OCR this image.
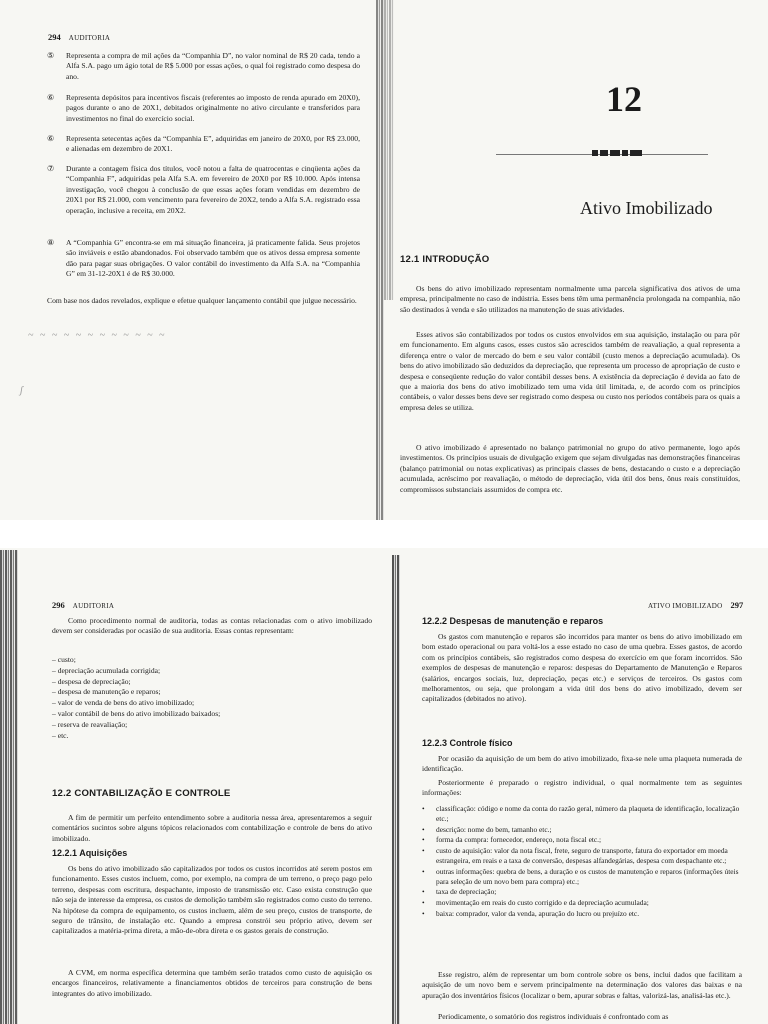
294 AUDITORIA
⑤	Representa a compra de mil ações da “Companhia D”, no valor nominal de R$ 20 cada, tendo a Alfa S.A. pago um ágio total de R$ 5.000 por essas ações, o qual foi registrado como despesa do ano.
⑥	Representa depósitos para incentivos fiscais (referentes ao imposto de renda apurado em 20X0), pagos durante o ano de 20X1, debitados originalmente no ativo circulante e transferidos para investimentos no final do exercício social.
⑥	Representa setecentas ações da “Companhia E”, adquiridas em janeiro de 20X0, por R$ 23.000, e alienadas em dezembro de 20X1.
⑦	Durante a contagem física dos títulos, você notou a falta de quatrocentas e cinqüenta ações da “Companhia F”, adquiridas pela Alfa S.A. em fevereiro de 20X0 por R$ 10.000. Após intensa investigação, você chegou à conclusão de que essas ações foram vendidas em dezembro de 20X1 por R$ 21.000, com vencimento para fevereiro de 20X2, tendo a Alfa S.A. registrado essa operação, inclusive a receita, em 20X2.
⑧	A “Companhia G” encontra-se em má situação financeira, já praticamente falida. Seus projetos são inviáveis e estão abandonados. Foi observado também que os ativos dessa empresa somente dão para pagar suas obrigações. O valor contábil do investimento da Alfa S.A. na “Companhia G” em 31-12-20X1 é de R$ 30.000.
Com base nos dados revelados, explique e efetue qualquer lançamento contábil que julgue necessário.
~ ~ ~ ~ ~ ~ ~ ~ ~ ~ ~ ~
ʃ
12
Ativo Imobilizado
12.1 INTRODUÇÃO
Os bens do ativo imobilizado representam normalmente uma parcela significativa dos ativos de uma empresa, principalmente no caso de indústria. Esses bens têm uma permanência prolongada na companhia, não são destinados à venda e são utilizados na manutenção de suas atividades.
Esses ativos são contabilizados por todos os custos envolvidos em sua aquisição, instalação ou para pôr em funcionamento. Em alguns casos, esses custos são acrescidos também de reavaliação, a qual representa a diferença entre o valor de mercado do bem e seu valor contábil (custo menos a depreciação acumulada). Os bens do ativo imobilizado são deduzidos da depreciação, que representa um processo de apropriação de custo e despesa e conseqüente redução do valor contábil desses bens. A existência da depreciação é devida ao fato de que a maioria dos bens do ativo imobilizado tem uma vida útil limitada, e, de acordo com os princípios contábeis, o valor desses bens deve ser registrado como despesa ou custo nos períodos contábeis para os quais a empresa deles se utiliza.
O ativo imobilizado é apresentado no balanço patrimonial no grupo do ativo permanente, logo após investimentos. Os princípios usuais de divulgação exigem que sejam divulgadas nas demonstrações financeiras (balanço patrimonial ou notas explicativas) as principais classes de bens, destacando o custo e a depreciação acumulada, acréscimo por reavaliação, o método de depreciação, vida útil dos bens, ônus reais constituídos, compromissos substanciais assumidos de compra etc.
296 AUDITORIA
Como procedimento normal de auditoria, todas as contas relacionadas com o ativo imobilizado devem ser consideradas por ocasião de sua auditoria. Essas contas representam:
– custo;
– depreciação acumulada corrigida;
– despesa de depreciação;
– despesa de manutenção e reparos;
– valor de venda de bens do ativo imobilizado;
– valor contábil de bens do ativo imobilizado baixados;
– reserva de reavaliação;
– etc.
12.2 CONTABILIZAÇÃO E CONTROLE
A fim de permitir um perfeito entendimento sobre a auditoria nessa área, apresentaremos a seguir comentários sucintos sobre alguns tópicos relacionados com contabilização e controle de bens do ativo imobilizado.
12.2.1 Aquisições
Os bens do ativo imobilizado são capitalizados por todos os custos incorridos até serem postos em funcionamento. Esses custos incluem, como, por exemplo, na compra de um terreno, o preço pago pelo terreno, despesas com escritura, despachante, imposto de transmissão etc. Caso exista construção que não seja de interesse da empresa, os custos de demolição também são registrados como custo do terreno. Na hipótese da compra de equipamento, os custos incluem, além de seu preço, custos de transporte, de seguro de trânsito, de instalação etc. Quando a empresa constrói seu próprio ativo, devem ser capitalizados a matéria-prima direta, a mão-de-obra direta e os gastos gerais de construção.
A CVM, em norma específica determina que também serão tratados como custo de aquisição os encargos financeiros, relativamente a financiamentos obtidos de terceiros para construção de bens integrantes do ativo imobilizado.
ATIVO IMOBILIZADO 297
12.2.2 Despesas de manutenção e reparos
Os gastos com manutenção e reparos são incorridos para manter os bens do ativo imobilizado em bom estado operacional ou para voltá-los a esse estado no caso de uma quebra. Esses gastos, de acordo com os princípios contábeis, são registrados como despesa do exercício em que foram incorridos. São exemplos de despesas de manutenção e reparos: despesas do Departamento de Manutenção e Reparos (salários, encargos sociais, luz, depreciação, peças etc.) e serviços de terceiros. Os gastos com melhoramentos, ou seja, que prolongam a vida útil dos bens do ativo imobilizado, devem ser capitalizados (debitados no ativo).
12.2.3 Controle físico
Por ocasião da aquisição de um bem do ativo imobilizado, fixa-se nele uma plaqueta numerada de identificação.
Posteriormente é preparado o registro individual, o qual normalmente tem as seguintes informações:
•	classificação: código e nome da conta do razão geral, número da plaqueta de identificação, localização etc.;
•	descrição: nome do bem, tamanho etc.;
•	forma da compra: fornecedor, endereço, nota fiscal etc.;
•	custo de aquisição: valor da nota fiscal, frete, seguro de transporte, fatura do exportador em moeda estrangeira, em reais e a taxa de conversão, despesas alfandegárias, despesa com despachante etc.;
•	outras informações: quebra de bens, a duração e os custos de manutenção e reparos (informações úteis para seleção de um novo bem para compra) etc.;
•	taxa de depreciação;
•	movimentação em reais do custo corrigido e da depreciação acumulada;
•	baixa: comprador, valor da venda, apuração do lucro ou prejuízo etc.
Esse registro, além de representar um bom controle sobre os bens, inclui dados que facilitam a aquisição de um novo bem e servem principalmente na determinação dos valores das baixas e na apuração dos inventários físicos (localizar o bem, apurar sobras e faltas, valorizá-las, analisá-las etc.).
Periodicamente, o somatório dos registros individuais é confrontado com as
